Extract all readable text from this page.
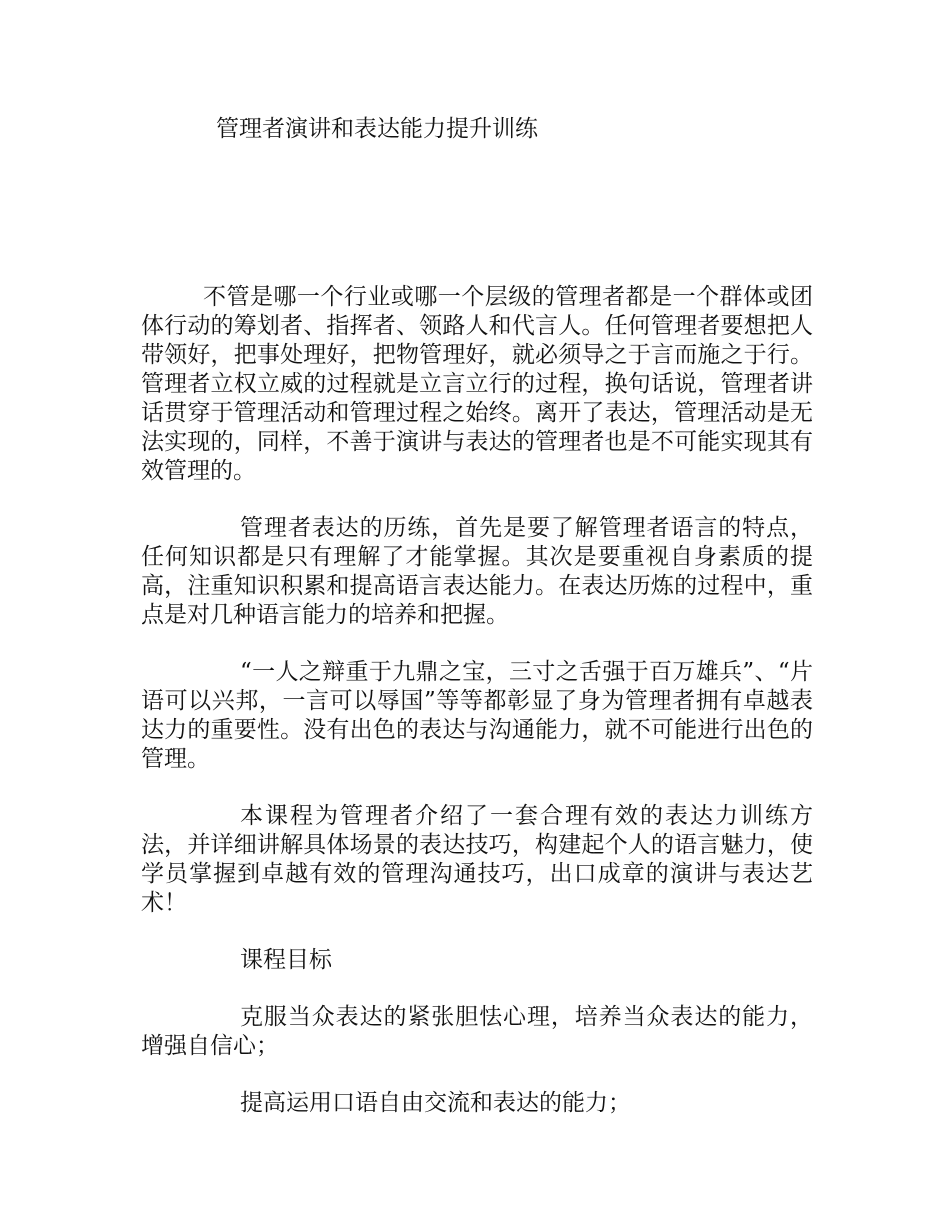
管理者演讲和表达能力提升训练

不管是哪一个行业或哪一个层级的管理者都是一个群体或团体行动的筹划者、指挥者、领路人和代言人。任何管理者要想把人带领好，把事处理好，把物管理好，就必须导之于言而施之于行。管理者立权立威的过程就是立言立行的过程，换句话说，管理者讲话贯穿于管理活动和管理过程之始终。离开了表达，管理活动是无法实现的，同样，不善于演讲与表达的管理者也是不可能实现其有效管理的。

管理者表达的历练，首先是要了解管理者语言的特点，任何知识都是只有理解了才能掌握。其次是要重视自身素质的提高，注重知识积累和提高语言表达能力。在表达历炼的过程中，重点是对几种语言能力的培养和把握。

“一人之辩重于九鼎之宝，三寸之舌强于百万雄兵”、“片语可以兴邦，一言可以辱国”等等都彰显了身为管理者拥有卓越表达力的重要性。没有出色的表达与沟通能力，就不可能进行出色的管理。

本课程为管理者介绍了一套合理有效的表达力训练方法，并详细讲解具体场景的表达技巧，构建起个人的语言魅力，使学员掌握到卓越有效的管理沟通技巧，出口成章的演讲与表达艺术！

课程目标

克服当众表达的紧张胆怯心理，培养当众表达的能力，增强自信心；

提高运用口语自由交流和表达的能力；
